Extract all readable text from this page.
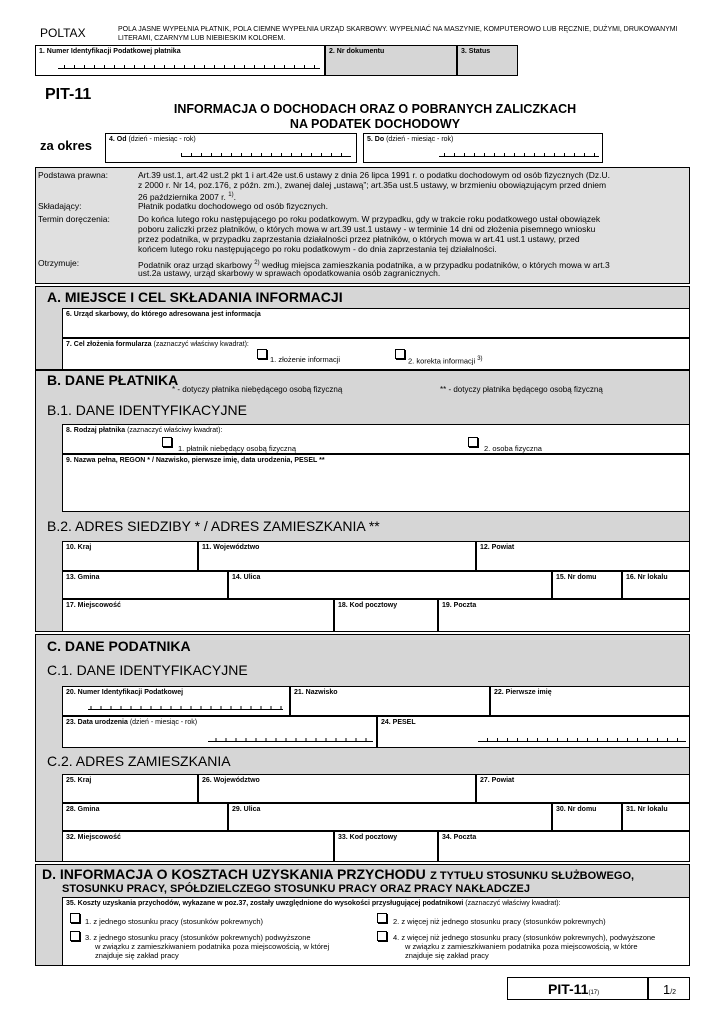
POLTAX	POLA JASNE WYPEŁNIA PŁATNIK, POLA CIEMNE WYPEŁNIA URZĄD SKARBOWY. WYPEŁNIAĆ NA MASZYNIE, KOMPUTEROWO LUB RĘCZNIE, DUŻYMI, DRUKOWANYMI LITERAMI, CZARNYM LUB NIEBIESKIM KOLOREM.
1. Numer Identyfikacji Podatkowej płatnika	2. Nr dokumentu	3. Status
PIT-11
INFORMACJA O DOCHODACH ORAZ O POBRANYCH ZALICZKACH
NA PODATEK DOCHODOWY
za okres 4. Od (dzień - miesiąc - rok)	5. Do (dzień - miesiąc - rok)
Podstawa prawna:	Art.39 ust.1, art.42 ust.2 pkt 1 i art.42e ust.6 ustawy z dnia 26 lipca 1991 r. o podatku dochodowym od osób fizycznych (Dz.U.
z 2000 r. Nr 14, poz.176, z późn. zm.), zwanej dalej „ustawą”; art.35a ust.5 ustawy, w brzmieniu obowiązującym przed dniem
26 października 2007 r. $^{1)}$.
Składający:	Płatnik podatku dochodowego od osób fizycznych.
Termin doręczenia:	Do końca lutego roku następującego po roku podatkowym. W przypadku, gdy w trakcie roku podatkowego ustał obowiązek
poboru zaliczki przez płatników, o których mowa w art.39 ust.1 ustawy - w terminie 14 dni od złożenia pisemnego wniosku
przez podatnika, w przypadku zaprzestania działalności przez płatników, o których mowa w art.41 ust.1 ustawy, przed
końcem lutego roku następującego po roku podatkowym - do dnia zaprzestania tej działalności.
Otrzymuje:	Podatnik oraz urząd skarbowy $^{2)}$ według miejsca zamieszkania podatnika, a w przypadku podatników, o których mowa w art.3
ust.2a ustawy, urząd skarbowy w sprawach opodatkowania osób zagranicznych.
A. MIEJSCE I CEL SKŁADANIA INFORMACJI
6. Urząd skarbowy, do którego adresowana jest informacja
7. Cel złożenia formularza (zaznaczyć właściwy kwadrat):
1. złożenie informacji	2. korekta informacji $^{3)}$
B. DANE PŁATNIKA
* - dotyczy płatnika niebędącego osobą fizyczną	** - dotyczy płatnika będącego osobą fizyczną
B.1. DANE IDENTYFIKACYJNE
8. Rodzaj płatnika (zaznaczyć właściwy kwadrat):
1. płatnik niebędący osobą fizyczną	2. osoba fizyczna
9. Nazwa pełna, REGON * / Nazwisko, pierwsze imię, data urodzenia, PESEL **
B.2. ADRES SIEDZIBY * / ADRES ZAMIESZKANIA **
10. Kraj	11. Województwo	12. Powiat
13. Gmina	14. Ulica	15. Nr domu	16. Nr lokalu
17. Miejscowość	18. Kod pocztowy	19. Poczta
C. DANE PODATNIKA
C.1. DANE IDENTYFIKACYJNE
20. Numer Identyfikacji Podatkowej	21. Nazwisko	22. Pierwsze imię
23. Data urodzenia (dzień - miesiąc - rok)	24. PESEL
C.2. ADRES ZAMIESZKANIA
25. Kraj	26. Województwo	27. Powiat
28. Gmina	29. Ulica	30. Nr domu	31. Nr lokalu
32. Miejscowość	33. Kod pocztowy	34. Poczta
D. INFORMACJA O KOSZTACH UZYSKANIA PRZYCHODU Z TYTUŁU STOSUNKU SŁUŻBOWEGO,
STOSUNKU PRACY, SPÓŁDZIELCZEGO STOSUNKU PRACY ORAZ PRACY NAKŁADCZEJ
35. Koszty uzyskania przychodów, wykazane w poz.37, zostały uwzględnione do wysokości przysługującej podatnikowi (zaznaczyć właściwy kwadrat):
1. z jednego stosunku pracy (stosunków pokrewnych)	2. z więcej niż jednego stosunku pracy (stosunków pokrewnych)
3. z jednego stosunku pracy (stosunków pokrewnych) podwyższone
w związku z zamieszkiwaniem podatnika poza miejscowością, w której
znajduje się zakład pracy
4. z więcej niż jednego stosunku pracy (stosunków pokrewnych), podwyższone
w związku z zamieszkiwaniem podatnika poza miejscowością, w które
znajduje się zakład pracy
PIT-11(17)	1/2
